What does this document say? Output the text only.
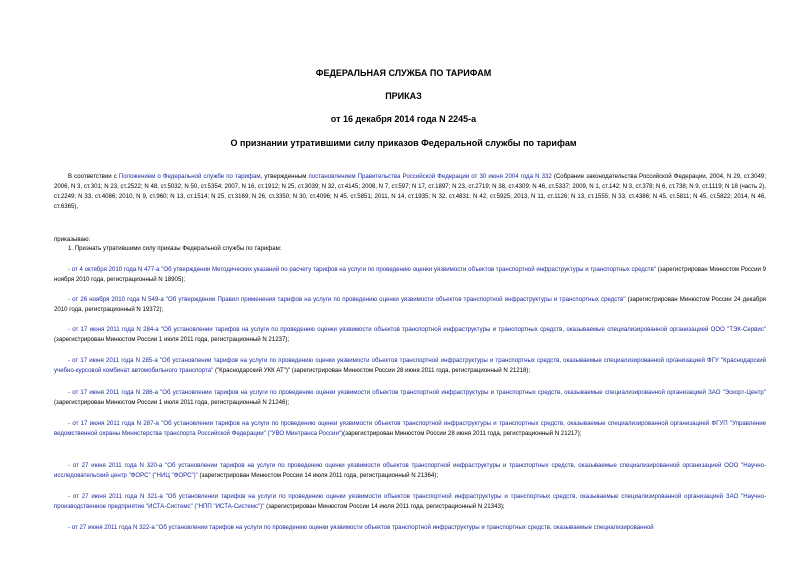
ФЕДЕРАЛЬНАЯ СЛУЖБА ПО ТАРИФАМ
ПРИКАЗ
от 16 декабря 2014 года N 2245-а
О признании утратившими силу приказов Федеральной службы по тарифам
В соответствии с Положением о Федеральной службе по тарифам, утвержденным постановлением Правительства Российской Федерации от 30 июня 2004 года N 332 (Собрание законодательства Российской Федерации, 2004, N 29, ст.3049; 2006, N 3, ст.301; N 23, ст.2522; N 48, ст.5032; N 50, ст.5354; 2007, N 16, ст.1912; N 25, ст.3039; N 32, ст.4145; 2008, N 7, ст.597; N 17, ст.1897; N 23, ст.2719; N 38, ст.4309; N 46, ст.5337; 2009, N 1, ст.142; N 3, ст.378; N 6, ст.738; N 9, ст.1119; N 18 (часть 2), ст.2249; N 33, ст.4086; 2010, N 9, ст.960; N 13, ст.1514; N 25, ст.3169; N 26, ст.3350; N 30, ст.4096; N 45, ст.5851; 2011, N 14, ст.1935; N 32, ст.4831; N 42, ст.5925; 2013, N 11, ст.1126; N 13, ст.1555; N 33, ст.4386; N 45, ст.5811; N 45, ст.5822; 2014, N 46, ст.6365),
приказываю:
1. Признать утратившими силу приказы Федеральной службы по тарифам:
- от 4 октября 2010 года N 477-а "Об утверждении Методических указаний по расчету тарифов на услуги по проведению оценки уязвимости объектов транспортной инфраструктуры и транспортных средств" (зарегистрирован Минюстом России 9 ноября 2010 года, регистрационный N 18905);
- от 26 ноября 2010 года N 549-а "Об утверждении Правил применения тарифов на услуги по проведению оценки уязвимости объектов транспортной инфраструктуры и транспортных средств" (зарегистрирован Минюстом России 24 декабря 2010 года, регистрационный N 19372);
- от 17 июня 2011 года N 284-а "Об установлении тарифов на услуги по проведению оценки уязвимости объектов транспортной инфраструктуры и транспортных средств, оказываемые специализированной организацией ООО "ТЭК-Сервис" (зарегистрирован Минюстом России 1 июля 2011 года, регистрационный N 21237);
- от 17 июня 2011 года N 285-а "Об установлении тарифов на услуги по проведению оценки уязвимости объектов транспортной инфраструктуры и транспортных средств, оказываемые специализированной организацией ФГУ "Краснодарский учебно-курсовой комбинат автомобильного транспорта" ("Краснодарский УКК АТ")" (зарегистрирован Минюстом России 28 июня 2011 года, регистрационный N 21218);
- от 17 июня 2011 года N 286-а "Об установлении тарифов на услуги по проведению оценки уязвимости объектов транспортной инфраструктуры и транспортных средств, оказываемые специализированной организацией ЗАО "Эскорт-Центр" (зарегистрирован Минюстом России 1 июля 2011 года, регистрационный N 21246);
- от 17 июня 2011 года N 287-а "Об установлении тарифов на услуги по проведению оценки уязвимости объектов транспортной инфраструктуры и транспортных средств, оказываемые специализированной организацией ФГУП "Управление ведомственной охраны Министерства транспорта Российской Федерации" ("УВО Минтранса России")(зарегистрирован Минюстом России 28 июня 2011 года, регистрационный N 21217);
- от 27 июня 2011 года N 320-а "Об установлении тарифов на услуги по проведению оценки уязвимости объектов транспортной инфраструктуры и транспортных средств, оказываемые специализированной организацией ООО "Научно-исследовательский центр "ФОРС" ("НИЦ "ФОРС")" (зарегистрирован Минюстом России 14 июля 2011 года, регистрационный N 21364);
- от 27 июня 2011 года N 321-а "Об установлении тарифов на услуги по проведению оценки уязвимости объектов транспортной инфраструктуры и транспортных средств, оказываемые специализированной организацией ЗАО "Научно-производственное предприятие "ИСТА-Системс" ("НПП "ИСТА-Системс")" (зарегистрирован Минюстом России 14 июля 2011 года, регистрационный N 21343);
- от 27 июня 2011 года N 322-а "Об установлении тарифов на услуги по проведению оценки уязвимости объектов транспортной инфраструктуры и транспортных средств, оказываемые специализированной
